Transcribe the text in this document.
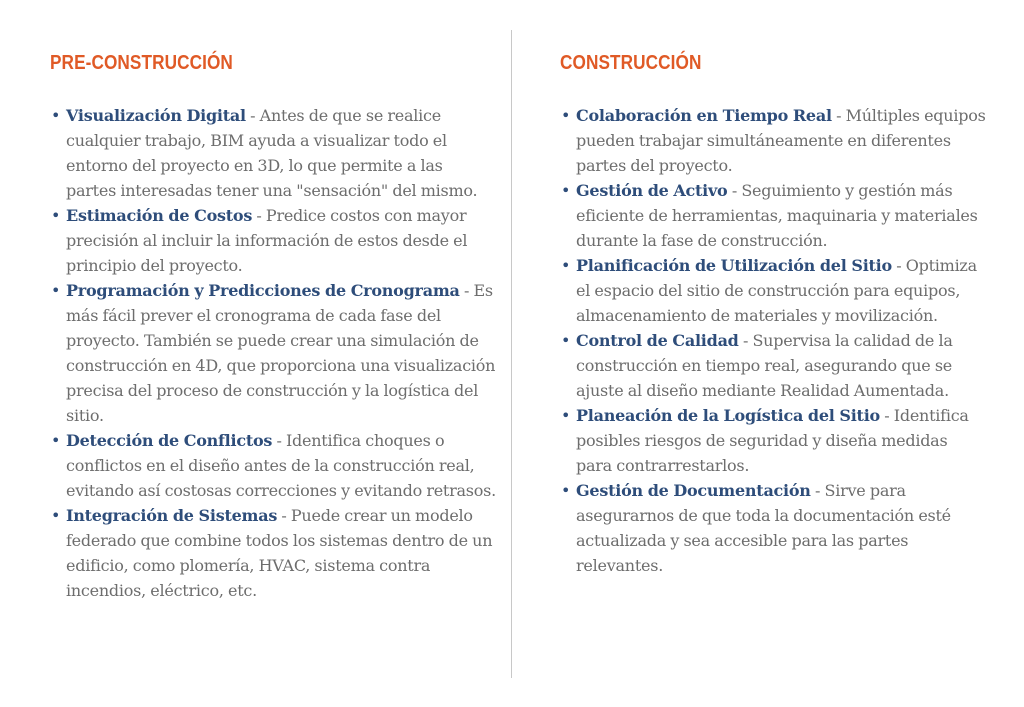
PRE-CONSTRUCCIÓN
• Visualización Digital - Antes de que se realice cualquier trabajo, BIM ayuda a visualizar todo el entorno del proyecto en 3D, lo que permite a las partes interesadas tener una "sensación" del mismo.
• Estimación de Costos - Predice costos con mayor precisión al incluir la información de estos desde el principio del proyecto.
• Programación y Predicciones de Cronograma - Es más fácil prever el cronograma de cada fase del proyecto. También se puede crear una simulación de construcción en 4D, que proporciona una visualización precisa del proceso de construcción y la logística del sitio.
• Detección de Conflictos - Identifica choques o conflictos en el diseño antes de la construcción real, evitando así costosas correcciones y evitando retrasos.
• Integración de Sistemas - Puede crear un modelo federado que combine todos los sistemas dentro de un edificio, como plomería, HVAC, sistema contra incendios, eléctrico, etc.
CONSTRUCCIÓN
• Colaboración en Tiempo Real - Múltiples equipos pueden trabajar simultáneamente en diferentes partes del proyecto.
• Gestión de Activo - Seguimiento y gestión más eficiente de herramientas, maquinaria y materiales durante la fase de construcción.
• Planificación de Utilización del Sitio - Optimiza el espacio del sitio de construcción para equipos, almacenamiento de materiales y movilización.
• Control de Calidad - Supervisa la calidad de la construcción en tiempo real, asegurando que se ajuste al diseño mediante Realidad Aumentada.
• Planeación de la Logística del Sitio - Identifica posibles riesgos de seguridad y diseña medidas para contrarrestarlos.
• Gestión de Documentación - Sirve para asegurarnos de que toda la documentación esté actualizada y sea accesible para las partes relevantes.
